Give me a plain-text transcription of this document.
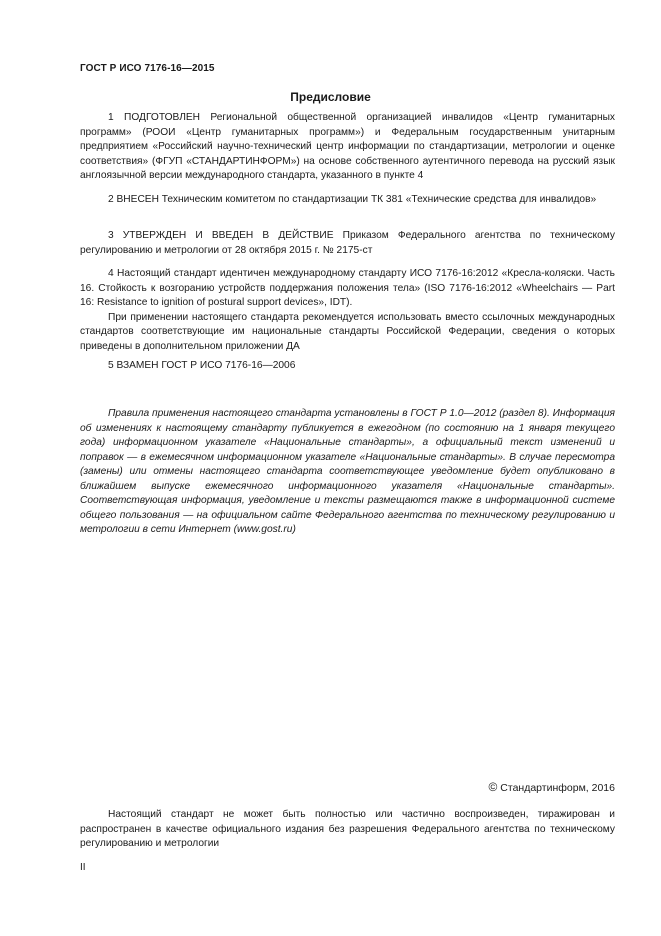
ГОСТ Р ИСО 7176-16—2015
Предисловие

1 ПОДГОТОВЛЕН Региональной общественной организацией инвалидов «Центр гуманитарных программ» (РООИ «Центр гуманитарных программ») и Федеральным государственным унитарным предприятием «Российский научно-технический центр информации по стандартизации, метрологии и оценке соответствия» (ФГУП «СТАНДАРТИНФОРМ») на основе собственного аутентичного перевода на русский язык англоязычной версии международного стандарта, указанного в пункте 4

2 ВНЕСЕН Техническим комитетом по стандартизации ТК 381 «Технические средства для инвалидов»

3 УТВЕРЖДЕН И ВВЕДЕН В ДЕЙСТВИЕ Приказом Федерального агентства по техническому регулированию и метрологии от 28 октября 2015 г. № 2175-ст

4 Настоящий стандарт идентичен международному стандарту ИСО 7176-16:2012 «Кресла-коляски. Часть 16. Стойкость к возгоранию устройств поддержания положения тела» (ISO 7176-16:2012 «Wheelchairs — Part 16: Resistance to ignition of postural support devices», IDT).

При применении настоящего стандарта рекомендуется использовать вместо ссылочных международных стандартов соответствующие им национальные стандарты Российской Федерации, сведения о которых приведены в дополнительном приложении ДА

5 ВЗАМЕН ГОСТ Р ИСО 7176-16—2006

Правила применения настоящего стандарта установлены в ГОСТ Р 1.0—2012 (раздел 8). Информация об изменениях к настоящему стандарту публикуется в ежегодном (по состоянию на 1 января текущего года) информационном указателе «Национальные стандарты», а официальный текст изменений и поправок — в ежемесячном информационном указателе «Национальные стандарты». В случае пересмотра (замены) или отмены настоящего стандарта соответствующее уведомление будет опубликовано в ближайшем выпуске ежемесячного информационного указателя «Национальные стандарты». Соответствующая информация, уведомление и тексты размещаются также в информационной системе общего пользования — на официальном сайте Федерального агентства по техническому регулированию и метрологии в сети Интернет (www.gost.ru)

© Стандартинформ, 2016

Настоящий стандарт не может быть полностью или частично воспроизведен, тиражирован и распространен в качестве официального издания без разрешения Федерального агентства по техническому регулированию и метрологии

II
